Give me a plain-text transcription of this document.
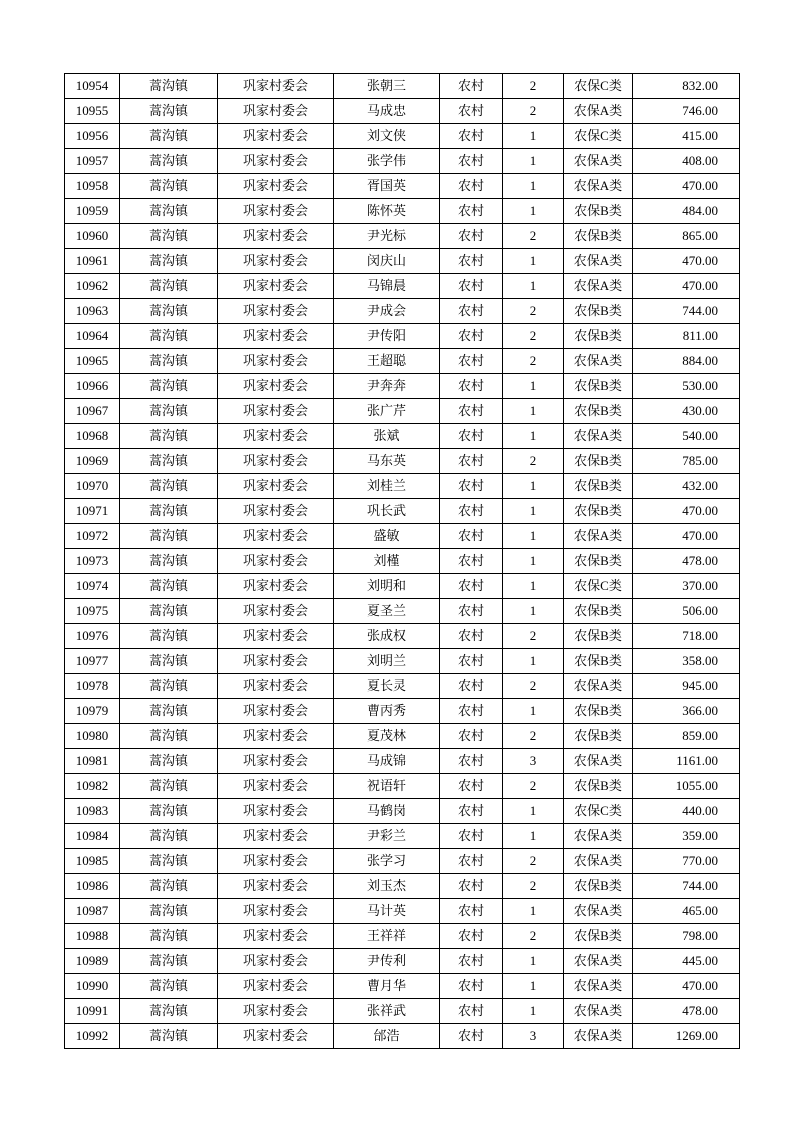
10954	蒿沟镇	巩家村委会	张朝三	农村	2	农保C类	832.00
10955	蒿沟镇	巩家村委会	马成忠	农村	2	农保A类	746.00
10956	蒿沟镇	巩家村委会	刘文侠	农村	1	农保C类	415.00
10957	蒿沟镇	巩家村委会	张学伟	农村	1	农保A类	408.00
10958	蒿沟镇	巩家村委会	胥国英	农村	1	农保A类	470.00
10959	蒿沟镇	巩家村委会	陈怀英	农村	1	农保B类	484.00
10960	蒿沟镇	巩家村委会	尹光标	农村	2	农保B类	865.00
10961	蒿沟镇	巩家村委会	闵庆山	农村	1	农保A类	470.00
10962	蒿沟镇	巩家村委会	马锦晨	农村	1	农保A类	470.00
10963	蒿沟镇	巩家村委会	尹成会	农村	2	农保B类	744.00
10964	蒿沟镇	巩家村委会	尹传阳	农村	2	农保B类	811.00
10965	蒿沟镇	巩家村委会	王超聪	农村	2	农保A类	884.00
10966	蒿沟镇	巩家村委会	尹奔奔	农村	1	农保B类	530.00
10967	蒿沟镇	巩家村委会	张广芹	农村	1	农保B类	430.00
10968	蒿沟镇	巩家村委会	张斌	农村	1	农保A类	540.00
10969	蒿沟镇	巩家村委会	马东英	农村	2	农保B类	785.00
10970	蒿沟镇	巩家村委会	刘桂兰	农村	1	农保B类	432.00
10971	蒿沟镇	巩家村委会	巩长武	农村	1	农保B类	470.00
10972	蒿沟镇	巩家村委会	盛敏	农村	1	农保A类	470.00
10973	蒿沟镇	巩家村委会	刘槿	农村	1	农保B类	478.00
10974	蒿沟镇	巩家村委会	刘明和	农村	1	农保C类	370.00
10975	蒿沟镇	巩家村委会	夏圣兰	农村	1	农保B类	506.00
10976	蒿沟镇	巩家村委会	张成权	农村	2	农保B类	718.00
10977	蒿沟镇	巩家村委会	刘明兰	农村	1	农保B类	358.00
10978	蒿沟镇	巩家村委会	夏长灵	农村	2	农保A类	945.00
10979	蒿沟镇	巩家村委会	曹丙秀	农村	1	农保B类	366.00
10980	蒿沟镇	巩家村委会	夏茂林	农村	2	农保B类	859.00
10981	蒿沟镇	巩家村委会	马成锦	农村	3	农保A类	1161.00
10982	蒿沟镇	巩家村委会	祝语轩	农村	2	农保B类	1055.00
10983	蒿沟镇	巩家村委会	马鹤岗	农村	1	农保C类	440.00
10984	蒿沟镇	巩家村委会	尹彩兰	农村	1	农保A类	359.00
10985	蒿沟镇	巩家村委会	张学习	农村	2	农保A类	770.00
10986	蒿沟镇	巩家村委会	刘玉杰	农村	2	农保B类	744.00
10987	蒿沟镇	巩家村委会	马计英	农村	1	农保A类	465.00
10988	蒿沟镇	巩家村委会	王祥祥	农村	2	农保B类	798.00
10989	蒿沟镇	巩家村委会	尹传利	农村	1	农保A类	445.00
10990	蒿沟镇	巩家村委会	曹月华	农村	1	农保A类	470.00
10991	蒿沟镇	巩家村委会	张祥武	农村	1	农保A类	478.00
10992	蒿沟镇	巩家村委会	邰浩	农村	3	农保A类	1269.00
